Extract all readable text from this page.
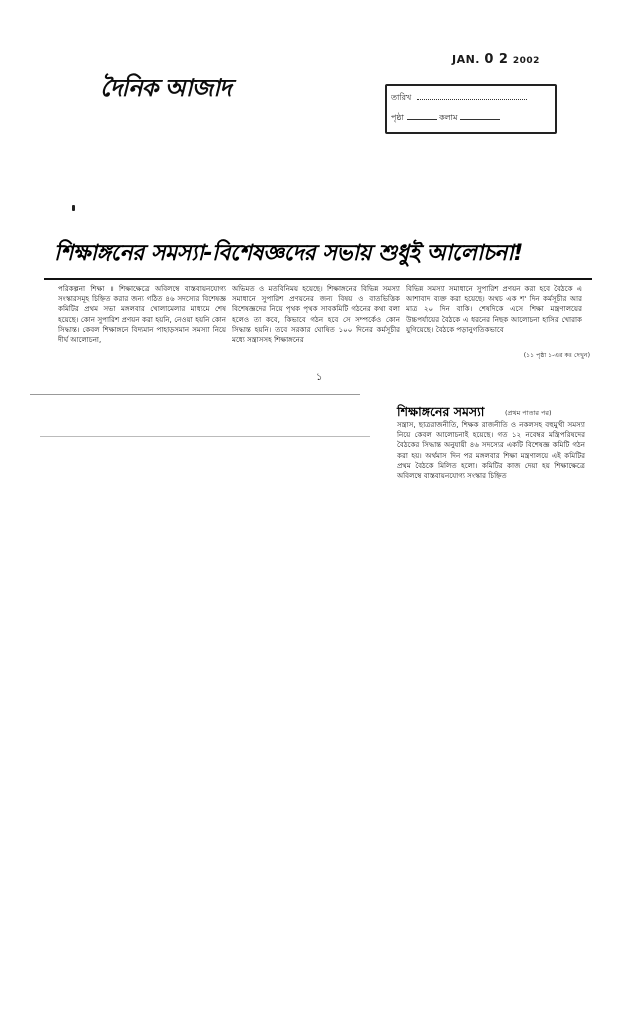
JAN. 0 2 2002
দৈনিক আজাদ	তারিখ
পৃষ্ঠা	কলাম
শিক্ষাঙ্গনের সমস্যা-বিশেষজ্ঞদের সভায় শুধুই আলোচনা!
পরিকল্পনা শিক্ষা ॥ শিক্ষাক্ষেত্রে অবিলম্বে বাস্তবায়নযোগ্য সংস্কারসমূহ চিহ্নিত করার জন্য গঠিত ৪৬ সদস্যের বিশেষজ্ঞ কমিটির প্রথম সভা মঙ্গলবার খোলামেলার মাধ্যমে শেষ হয়েছে। কোন সুপারিশ প্রণয়ন করা হয়নি, নেওয়া হয়নি কোন সিদ্ধান্ত। কেবল শিক্ষাঙ্গনে বিদ্যমান পাহাড়সমান সমস্যা নিয়ে দীর্ঘ আলোচনা,
অভিমত ও মতবিনিময় হয়েছে। শিক্ষাঙ্গনের বিভিন্ন সমস্যা সমাধানে সুপারিশ প্রণয়নের জন্য বিষয় ও বাতভিত্তিক বিশেষজ্ঞদের নিয়ে পৃথক পৃথক সাবকমিটি গঠনের কথা বলা হলেও তা কবে, কিভাবে গঠন হবে সে সম্পর্কেও কোন সিদ্ধান্ত হয়নি। তবে সরকার ঘোষিত ১০০ দিনের কর্মসূচীর মধ্যে সন্ত্রাসসহ শিক্ষাঙ্গনের
বিভিন্ন সমস্যা সমাধানে সুপারিশ প্রণয়ন করা হবে বৈঠকে এ আশাবাদ ব্যক্ত করা হয়েছে। অথচ এক শ' দিন কর্মসূচীর আর মাত্র ২০ দিন বাকি। শেষদিকে এসে শিক্ষা মন্ত্রণালয়ের উচ্চপর্যায়ের বৈঠকে এ ধরনের নিছক আলোচনা হাসির খোরাক যুগিয়েছে। বৈঠকে পড়ানুগতিকভাবে
(১১ পৃষ্ঠা ১-এর কঃ দেখুন)
১
শিক্ষাঙ্গনের সমস্যা	(প্রথম পাতার পর)
সন্ত্রাস, ছাত্ররাজনীতি, শিক্ষক রাজনীতি ও নকলসহ বহুমুখী সমস্যা নিয়ে কেবল আলোচনাই হয়েছে। গত ১২ নবেম্বর মন্ত্রিপরিষদের বৈঠকের সিদ্ধান্ত অনুযায়ী ৪৬ সদস্যের একটি বিশেষজ্ঞ কমিটি গঠন করা হয়। অর্থমাস দিন পর মঙ্গলবার শিক্ষা মন্ত্রণালয়ে এই কমিটির প্রথম বৈঠকে মিলিত হলো। কমিটির কাজ দেয়া হয় শিক্ষাক্ষেত্রে অবিলম্বে বাস্তবায়নযোগ্য সংস্কার চিহ্নিত
